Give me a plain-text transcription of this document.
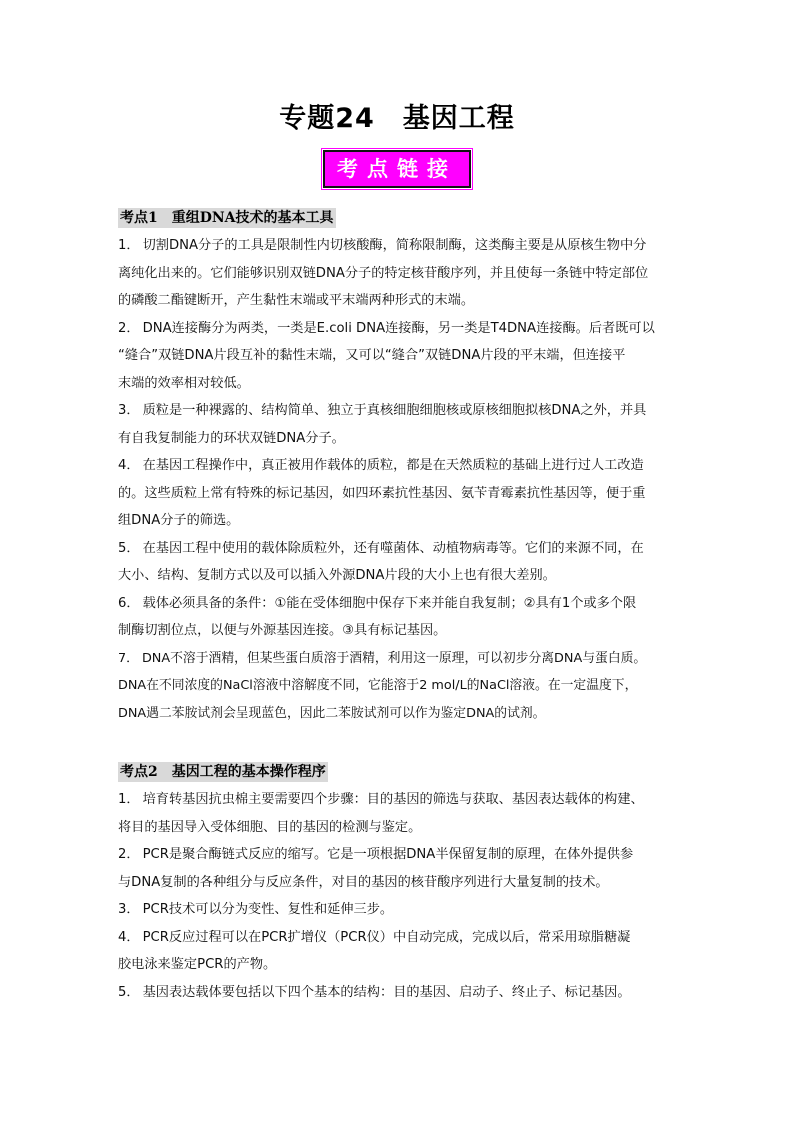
专题24　基因工程
考点链接
考点1 重组DNA技术的基本工具

1． 切割DNA分子的工具是限制性内切核酸酶，简称限制酶，这类酶主要是从原核生物中分
离纯化出来的。它们能够识别双链DNA分子的特定核苷酸序列，并且使每一条链中特定部位
的磷酸二酯键断开，产生黏性末端或平末端两种形式的末端。

2． DNA连接酶分为两类，一类是E.coli DNA连接酶，另一类是T4DNA连接酶。后者既可以
“缝合”双链DNA片段互补的黏性末端，又可以“缝合”双链DNA片段的平末端，但连接平
末端的效率相对较低。

3． 质粒是一种裸露的、结构简单、独立于真核细胞细胞核或原核细胞拟核DNA之外，并具
有自我复制能力的环状双链DNA分子。

4． 在基因工程操作中，真正被用作载体的质粒，都是在天然质粒的基础上进行过人工改造
的。这些质粒上常有特殊的标记基因，如四环素抗性基因、氨苄青霉素抗性基因等，便于重
组DNA分子的筛选。

5． 在基因工程中使用的载体除质粒外，还有噬菌体、动植物病毒等。它们的来源不同，在
大小、结构、复制方式以及可以插入外源DNA片段的大小上也有很大差别。

6． 载体必须具备的条件：①能在受体细胞中保存下来并能自我复制；②具有1个或多个限
制酶切割位点，以便与外源基因连接。③具有标记基因。

7． DNA不溶于酒精，但某些蛋白质溶于酒精，利用这一原理，可以初步分离DNA与蛋白质。
DNA在不同浓度的NaCl溶液中溶解度不同，它能溶于2 mol/L的NaCl溶液。在一定温度下，
DNA遇二苯胺试剂会呈现蓝色，因此二苯胺试剂可以作为鉴定DNA的试剂。

考点2 基因工程的基本操作程序

1． 培育转基因抗虫棉主要需要四个步骤：目的基因的筛选与获取、基因表达载体的构建、
将目的基因导入受体细胞、目的基因的检测与鉴定。

2． PCR是聚合酶链式反应的缩写。它是一项根据DNA半保留复制的原理，在体外提供参
与DNA复制的各种组分与反应条件，对目的基因的核苷酸序列进行大量复制的技术。

3． PCR技术可以分为变性、复性和延伸三步。

4． PCR反应过程可以在PCR扩增仪（PCR仪）中自动完成，完成以后，常采用琼脂糖凝
胶电泳来鉴定PCR的产物。

5． 基因表达载体要包括以下四个基本的结构：目的基因、启动子、终止子、标记基因。
